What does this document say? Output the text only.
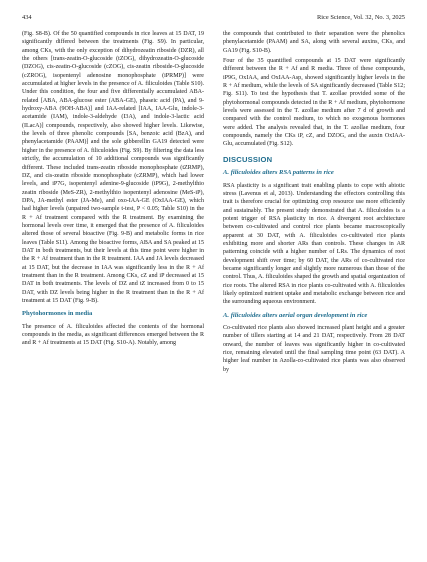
434	Rice Science, Vol. 32, No. 3, 2025

(Fig. S8-B). Of the 50 quantified compounds in rice leaves at 15 DAT, 19 significantly differed between the treatments (Fig. S9). In particular, among CKs, with the only exception of dihydrozeatin riboside (DZR), all the others [trans-zeatin-O-glucoside (tZOG), dihydrozeatin-O-glucoside (DZOG), cis-zeatin-O-glucoside (cZOG), cis-zeatin riboside-O-glucoside (cZROG), isopentenyl adenosine monophosphate (iPRMP)] were accumulated at higher levels in the presence of A. filiculoides (Table S10). Under this condition, the four and five differentially accumulated ABA-related [ABA, ABA-glucose ester (ABA-GE), phaseic acid (PA), and 9-hydroxy-ABA (9OH-ABA)] and IAA-related [IAA, IAA-Glu, indole-3-acetamide (IAM), indole-3-aldehyde (I3A), and indole-3-lactic acid (ILacA)] compounds, respectively, also showed higher levels. Likewise, the levels of three phenolic compounds [SA, benzoic acid (BzA), and phenylacetamide (PAAM)] and the sole gibberellin GA19 detected were higher in the presence of A. filiculoides (Fig. S9). By filtering the data less strictly, the accumulation of 10 additional compounds was significantly different. These included trans-zeatin riboside monophosphate (tZRMP), DZ, and cis-zeatin riboside monophosphate (cZRMP), which had lower levels, and iP7G, isopentenyl adenine-9-glucoside (iP9G), 2-methylthio zeatin riboside (MeS-ZR), 2-methylthio isopentenyl adenosine (MeS-iP), DPA, JA-methyl ester (JA-Me), and oxo-IAA-GE (OxIAA-GE), which had higher levels (unpaired two-sample t-test, P < 0.05; Table S10) in the R + Af treatment compared with the R treatment. By examining the hormonal levels over time, it emerged that the presence of A. filiculoides altered those of several bioactive (Fig. 9-B) and metabolic forms in rice leaves (Table S11). Among the bioactive forms, ABA and SA peaked at 15 DAT in both treatments, but their levels at this time point were higher in the R + Af treatment than in the R treatment. IAA and JA levels decreased at 15 DAT, but the decrease in IAA was significantly less in the R + Af treatment than in the R treatment. Among CKs, cZ and iP decreased at 15 DAT in both treatments. The levels of DZ and tZ increased from 0 to 15 DAT, with DZ levels being higher in the R treatment than in the R + Af treatment at 15 DAT (Fig. 9-B).

Phytohormones in media

The presence of A. filiculoides affected the contents of the hormonal compounds in the media, as significant differences emerged between the R and R + Af treatments at 15 DAT (Fig. S10-A). Notably, among

the compounds that contributed to their separation were the phenolics phenylacetamide (PAAM) and SA, along with several auxins, CKs, and GA19 (Fig. S10-B).

Four of the 35 quantified compounds at 15 DAT were significantly different between the R + Af and R media. Three of these compounds, iP9G, OxIAA, and OxIAA-Asp, showed significantly higher levels in the R + Af medium, while the levels of SA significantly decreased (Table S12; Fig. S11). To test the hypothesis that T. azollae provided some of the phytohormonal compounds detected in the R + Af medium, phytohormone levels were assessed in the T. azollae medium after 7 d of growth and compared with the control medium, to which no exogenous hormones were added. The analysis revealed that, in the T. azollae medium, four compounds, namely the CKs iP, cZ, and DZOG, and the auxin OxIAA-Glu, accumulated (Fig. S12).

DISCUSSION
A. filiculoides alters RSA patterns in rice

RSA plasticity is a significant trait enabling plants to cope with abiotic stress (Lavenus et al, 2013). Understanding the effectors controlling this trait is therefore crucial for optimizing crop resource use more efficiently and sustainably. The present study demonstrated that A. filiculoides is a potent trigger of RSA plasticity in rice. A divergent root architecture between co-cultivated and control rice plants became macroscopically apparent at 30 DAT, with A. filiculoides co-cultivated rice plants exhibiting more and shorter ARs than controls. These changes in AR patterning coincide with a higher number of LRs. The dynamics of root development shift over time; by 60 DAT, the ARs of co-cultivated rice became significantly longer and slightly more numerous than those of the control. Thus, A. filiculoides shaped the growth and spatial organization of rice roots. The altered RSA in rice plants co-cultivated with A. filiculoides likely optimized nutrient uptake and metabolic exchange between rice and the surrounding aqueous environment.

A. filiculoides alters aerial organ development in rice

Co-cultivated rice plants also showed increased plant height and a greater number of tillers starting at 14 and 21 DAT, respectively. From 28 DAT onward, the number of leaves was significantly higher in co-cultivated rice, remaining elevated until the final sampling time point (63 DAT). A higher leaf number in Azolla-co-cultivated rice plants was also observed by
